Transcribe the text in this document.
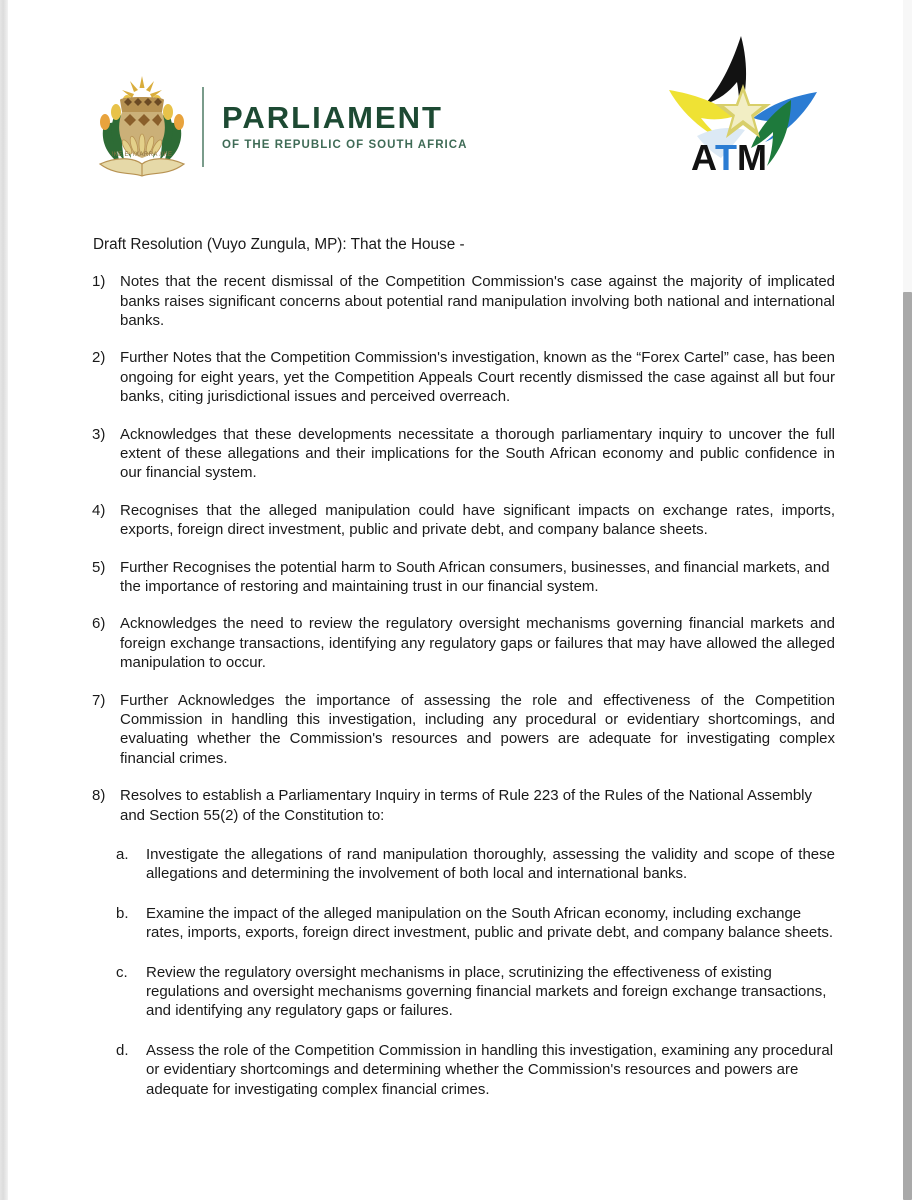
!KE E: /XARRA //KE
PARLIAMENT
OF THE REPUBLIC OF SOUTH AFRICA	A
T M
Draft Resolution (Vuyo Zungula, MP): That the House -
1) Notes that the recent dismissal of the Competition Commission's case against the majority of implicated banks raises significant concerns about potential rand manipulation involving both national and international banks.
2) Further Notes that the Competition Commission's investigation, known as the “Forex Cartel” case, has been ongoing for eight years, yet the Competition Appeals Court recently dismissed the case against all but four banks, citing jurisdictional issues and perceived overreach.
3) Acknowledges that these developments necessitate a thorough parliamentary inquiry to uncover the full extent of these allegations and their implications for the South African economy and public confidence in our financial system.
4) Recognises that the alleged manipulation could have significant impacts on exchange rates, imports, exports, foreign direct investment, public and private debt, and company balance sheets.
5) Further Recognises the potential harm to South African consumers, businesses, and financial markets, and the importance of restoring and maintaining trust in our financial system.
6) Acknowledges the need to review the regulatory oversight mechanisms governing financial markets and foreign exchange transactions, identifying any regulatory gaps or failures that may have allowed the alleged manipulation to occur.
7) Further Acknowledges the importance of assessing the role and effectiveness of the Competition Commission in handling this investigation, including any procedural or evidentiary shortcomings, and evaluating whether the Commission's resources and powers are adequate for investigating complex financial crimes.
8) Resolves to establish a Parliamentary Inquiry in terms of Rule 223 of the Rules of the National Assembly and Section 55(2) of the Constitution to:
a.	Investigate the allegations of rand manipulation thoroughly, assessing the validity and scope of these allegations and determining the involvement of both local and international banks.
b.	Examine the impact of the alleged manipulation on the South African economy, including exchange rates, imports, exports, foreign direct investment, public and private debt, and company balance sheets.
c.	Review the regulatory oversight mechanisms in place, scrutinizing the effectiveness of existing regulations and oversight mechanisms governing financial markets and foreign exchange transactions, and identifying any regulatory gaps or failures.
d.	Assess the role of the Competition Commission in handling this investigation, examining any procedural or evidentiary shortcomings and determining whether the Commission's resources and powers are adequate for investigating complex financial crimes.
